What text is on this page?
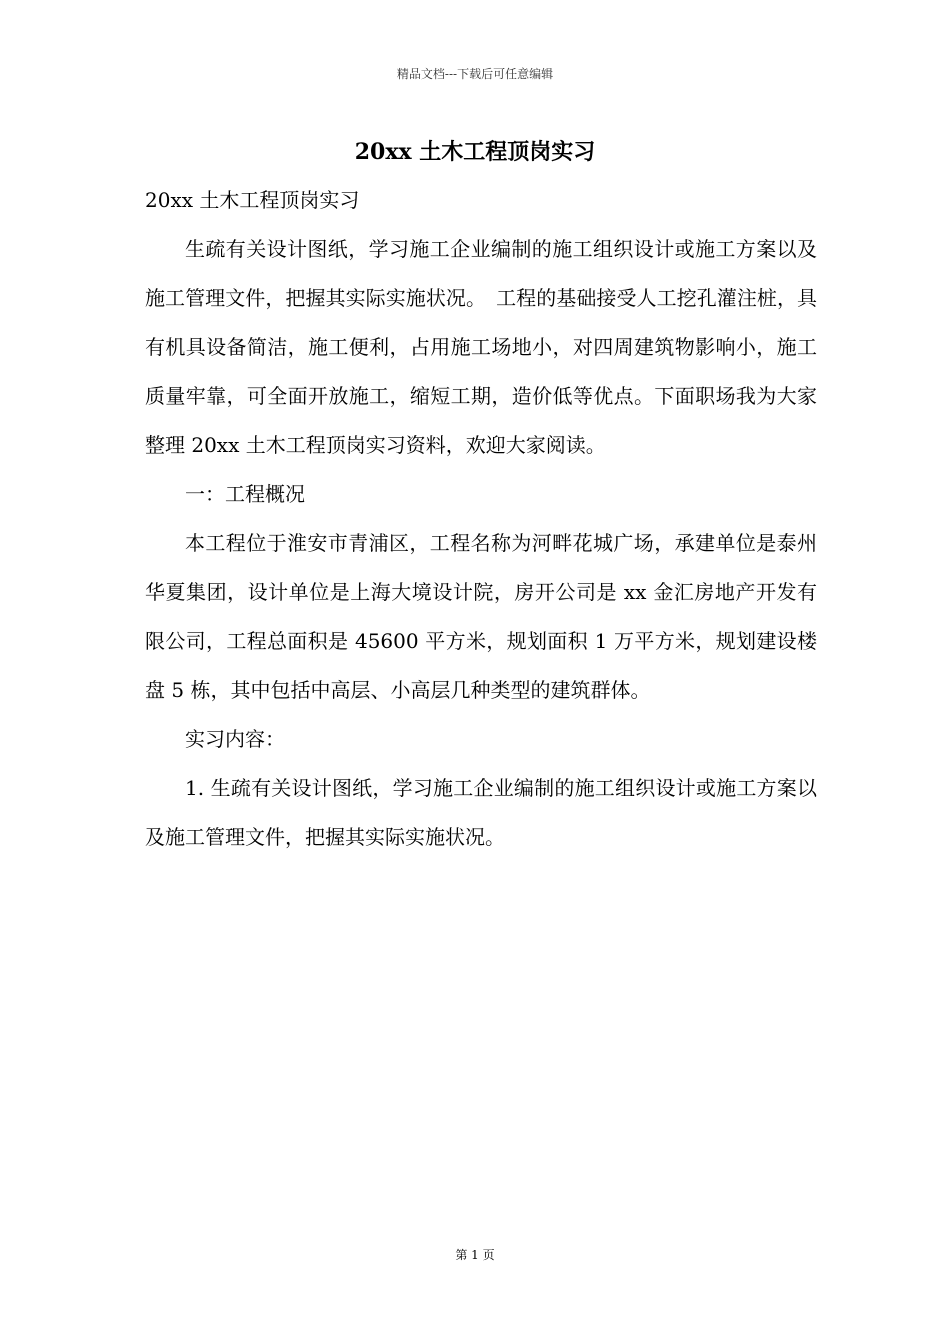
精品文档---下载后可任意编辑
20xx 土木工程顶岗实习

20xx 土木工程顶岗实习

生疏有关设计图纸，学习施工企业编制的施工组织设计或施工方案以及施工管理文件，把握其实际实施状况。　工程的基础接受人工挖孔灌注桩，具有机具设备简洁，施工便利，占用施工场地小，对四周建筑物影响小，施工质量牢靠，可全面开放施工，缩短工期，造价低等优点。下面职场我为大家整理 20xx 土木工程顶岗实习资料，欢迎大家阅读。

一：工程概况

本工程位于淮安市青浦区，工程名称为河畔花城广场，承建单位是泰州华夏集团，设计单位是上海大境设计院，房开公司是 xx 金汇房地产开发有限公司，工程总面积是 45600 平方米，规划面积 1 万平方米，规划建设楼盘 5 栋，其中包括中高层、小高层几种类型的建筑群体。

实习内容：

1. 生疏有关设计图纸，学习施工企业编制的施工组织设计或施工方案以及施工管理文件，把握其实际实施状况。

第 1 页
